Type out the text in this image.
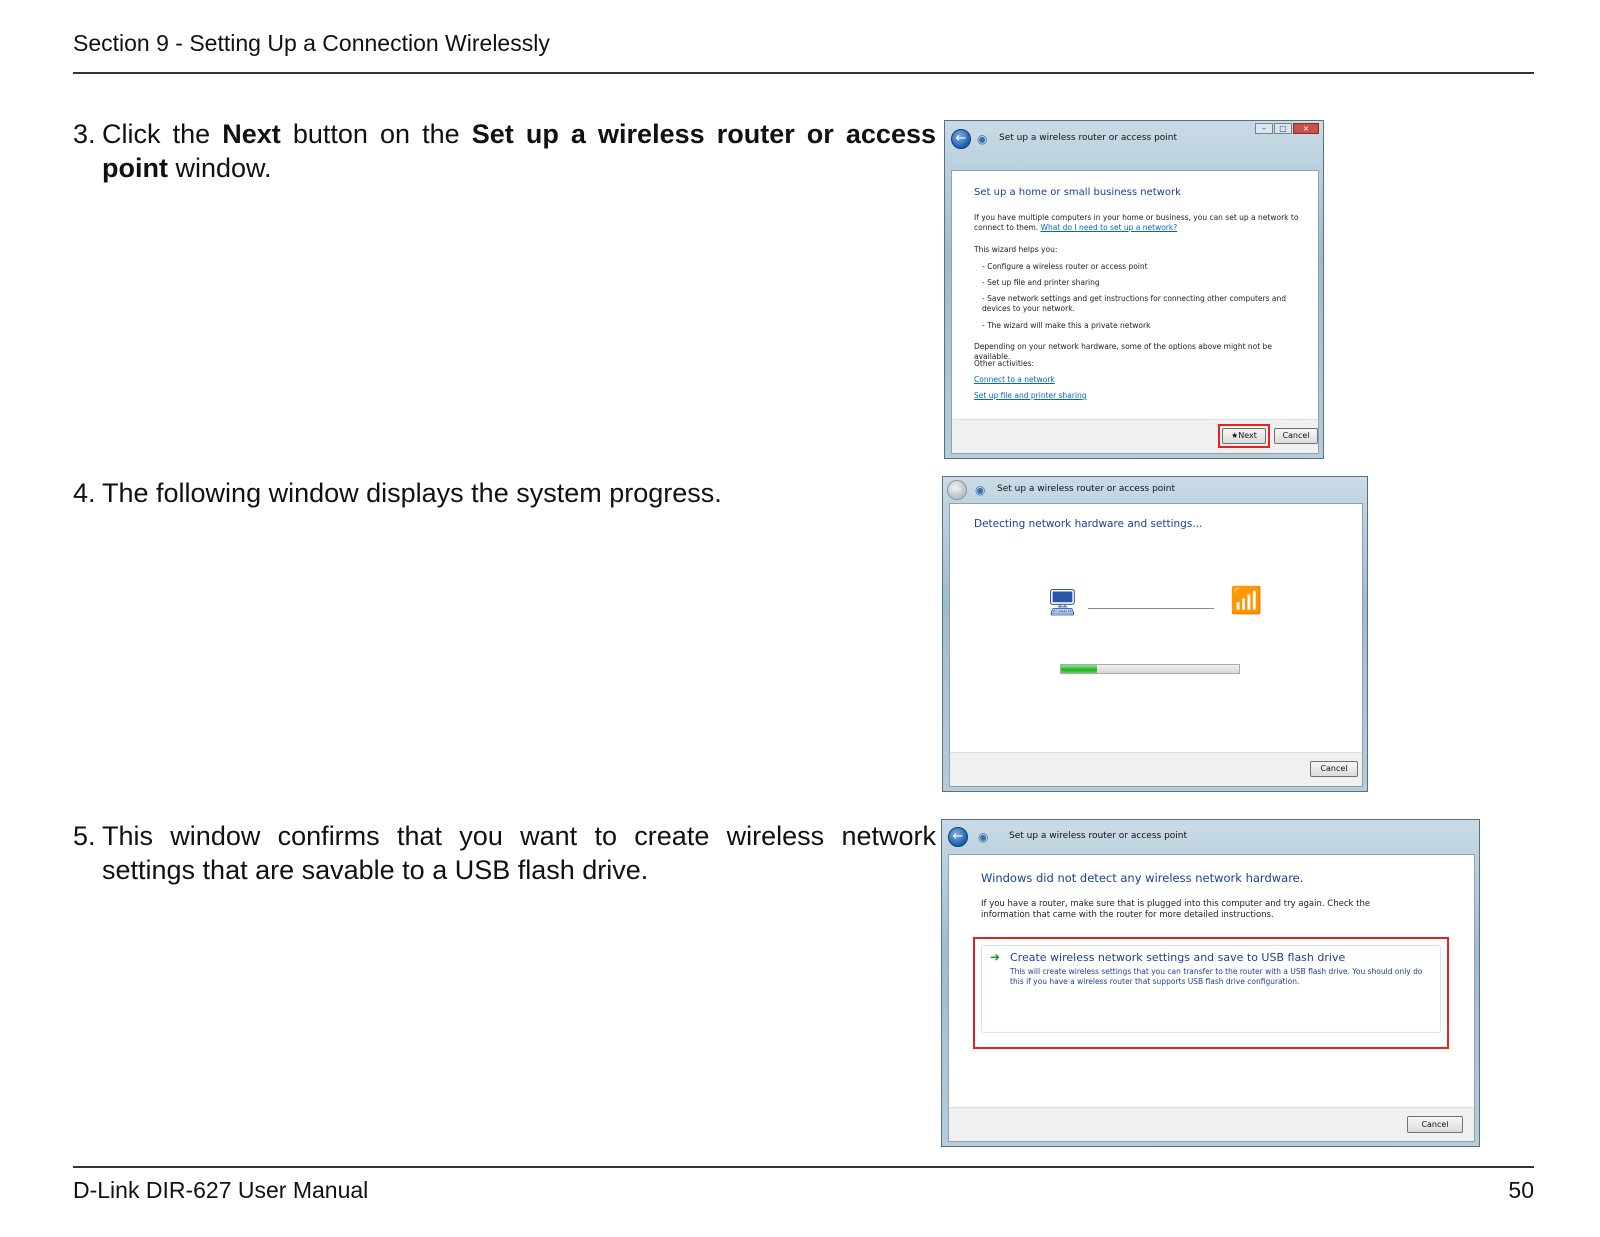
Section 9 - Setting Up a Connection Wirelessly
3. Click the Next button on the Set up a wireless router or access point window.
4. The following window displays the system progress.
5. This window confirms that you want to create wireless network settings that are savable to a USB flash drive.
← ◉	Set up a wireless router or access point
–	□	×
Set up a home or small business network
If you have multiple computers in your home or business, you can set up a network to connect to them. What do I need to set up a network?
This wizard helps you:
- Configure a wireless router or access point
- Set up file and printer sharing
- Save network settings and get instructions for connecting other computers and devices to your network.
- The wizard will make this a private network
Depending on your network hardware, some of the options above might not be available.
Other activities:
Connect to a network
Set up file and printer sharing
★Next	Cancel
←	◉	Set up a wireless router or access point
Detecting network hardware and settings...
🖥	📶
Cancel
←	◉	Set up a wireless router or access point
Windows did not detect any wireless network hardware.
If you have a router, make sure that is plugged into this computer and try again. Check the information that came with the router for more detailed instructions.
➜ Create wireless network settings and save to USB flash drive
This will create wireless settings that you can transfer to the router with a USB flash drive. You should only do this if you have a wireless router that supports USB flash drive configuration.
Cancel
D-Link DIR-627 User Manual	50
